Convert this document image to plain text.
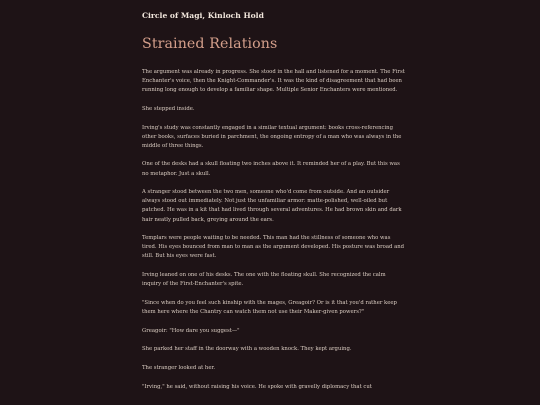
Circle of Magi, Kinloch Hold

Strained Relations

The argument was already in progress. She stood in the hall and listened for a moment. The First Enchanter's voice, then the Knight-Commander's. It was the kind of disagreement that had been running long enough to develop a familiar shape. Multiple Senior Enchanters were mentioned.

She stepped inside.

Irving's study was constantly engaged in a similar textual argument: books cross-referencing other books, surfaces buried in parchment, the ongoing entropy of a man who was always in the middle of three things.

One of the desks had a skull floating two inches above it. It reminded her of a play. But this was no metaphor. Just a skull.

A stranger stood between the two men, someone who'd come from outside. And an outsider always stood out immediately. Not just the unfamiliar armor: matte-polished, well-oiled but patched. He was in a kit that had lived through several adventures. He had brown skin and dark hair neatly pulled back, greying around the ears.

Templars were people waiting to be needed. This man had the stillness of someone who was tired. His eyes bounced from man to man as the argument developed. His posture was broad and still. But his eyes were fast.

Irving leaned on one of his desks. The one with the floating skull. She recognized the calm inquiry of the First-Enchanter's spite.

"Since when do you feel such kinship with the mages, Greagoir? Or is it that you'd rather keep them here where the Chantry can watch them not use their Maker-given powers?"

Greagoir: "How dare you suggest—"

She parked her staff in the doorway with a wooden knock. They kept arguing.

The stranger looked at her.

"Irving," he said, without raising his voice. He spoke with gravelly diplomacy that cut
